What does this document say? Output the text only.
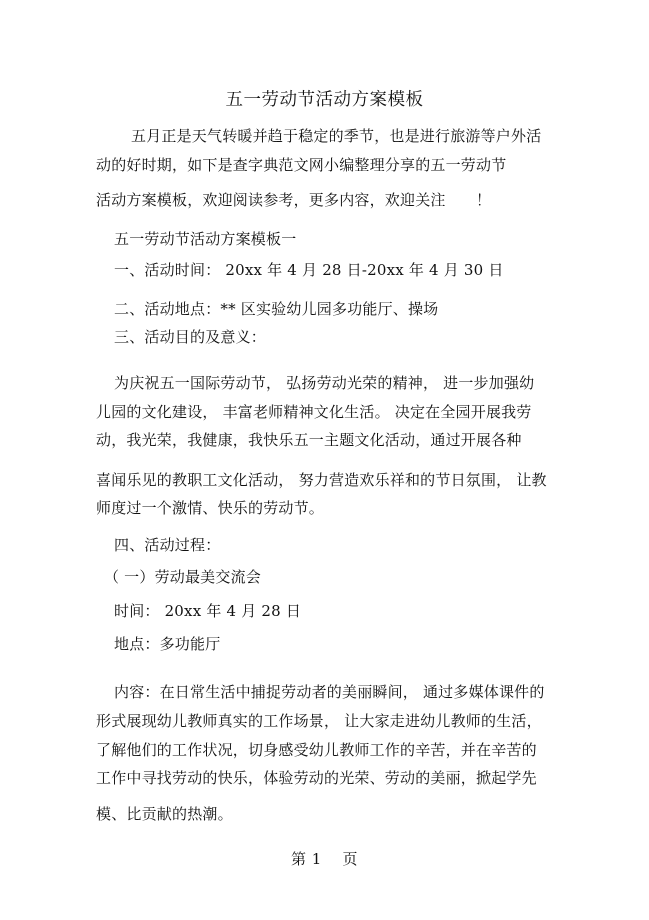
五一劳动节活动方案模板
五月正是天气转暖并趋于稳定的季节，也是进行旅游等户外活
动的好时期，如下是查字典范文网小编整理分享的五一劳动节
活动方案模板，欢迎阅读参考，更多内容，欢迎关注　　！
五一劳动节活动方案模板一
一、活动时间： 20xx 年 4 月 28 日-20xx 年 4 月 30 日
二、活动地点：** 区实验幼儿园多功能厅、操场
三、活动目的及意义：
为庆祝五一国际劳动节， 弘扬劳动光荣的精神， 进一步加强幼
儿园的文化建设， 丰富老师精神文化生活。 决定在全园开展我劳
动，我光荣，我健康，我快乐五一主题文化活动，通过开展各种
喜闻乐见的教职工文化活动， 努力营造欢乐祥和的节日氛围， 让教
师度过一个激情、快乐的劳动节。
四、活动过程：
（ 一）劳动最美交流会
时间： 20xx 年 4 月 28 日
地点：多功能厅
内容：在日常生活中捕捉劳动者的美丽瞬间， 通过多媒体课件的
形式展现幼儿教师真实的工作场景， 让大家走进幼儿教师的生活，
了解他们的工作状况，切身感受幼儿教师工作的辛苦，并在辛苦的
工作中寻找劳动的快乐，体验劳动的光荣、劳动的美丽，掀起学先
模、比贡献的热潮。
第 1　 页
